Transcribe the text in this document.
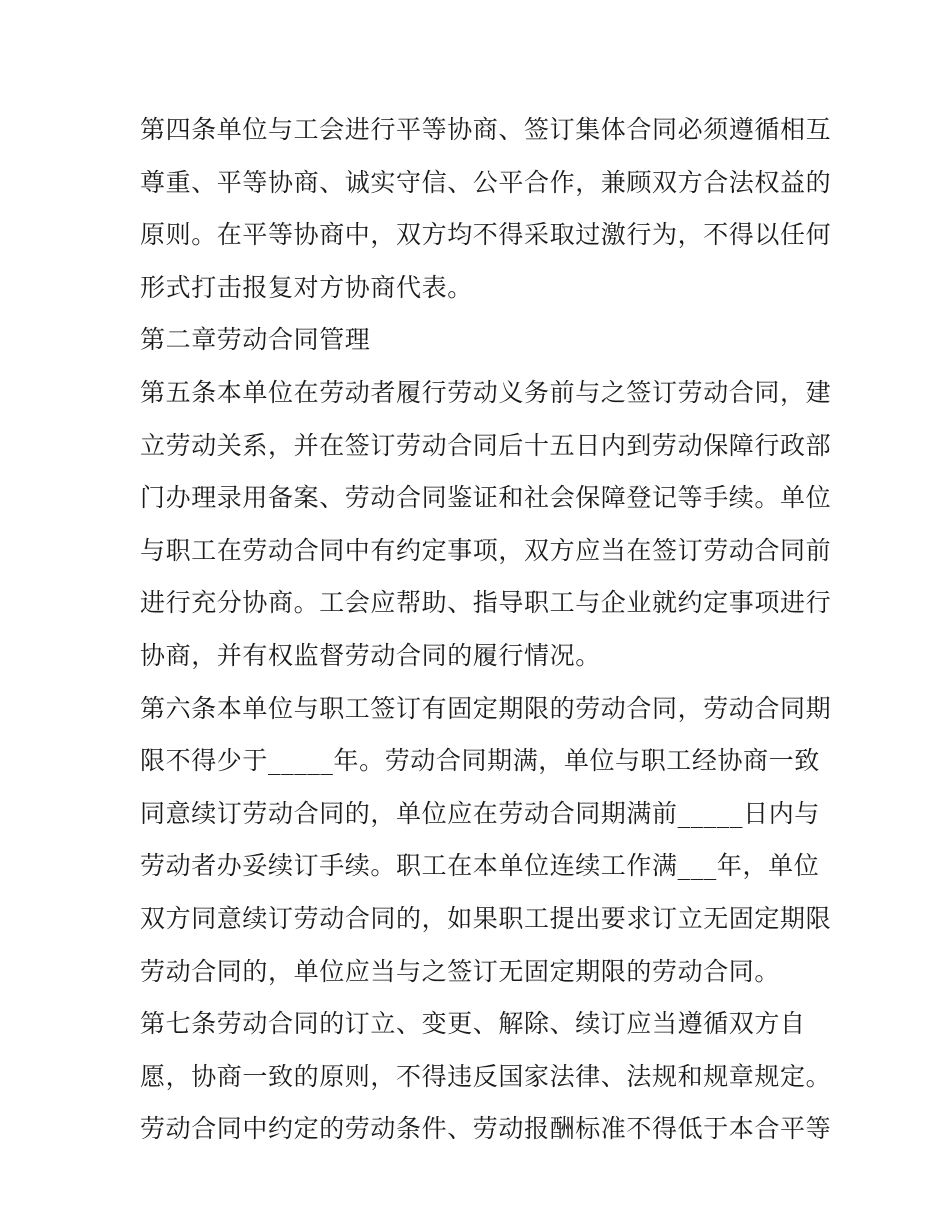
第四条单位与工会进行平等协商、签订集体合同必须遵循相互
尊重、平等协商、诚实守信、公平合作，兼顾双方合法权益的
原则。在平等协商中，双方均不得采取过激行为，不得以任何
形式打击报复对方协商代表。
第二章劳动合同管理
第五条本单位在劳动者履行劳动义务前与之签订劳动合同，建
立劳动关系，并在签订劳动合同后十五日内到劳动保障行政部
门办理录用备案、劳动合同鉴证和社会保障登记等手续。单位
与职工在劳动合同中有约定事项，双方应当在签订劳动合同前
进行充分协商。工会应帮助、指导职工与企业就约定事项进行
协商，并有权监督劳动合同的履行情况。
第六条本单位与职工签订有固定期限的劳动合同，劳动合同期
限不得少于_____年。劳动合同期满，单位与职工经协商一致
同意续订劳动合同的，单位应在劳动合同期满前_____日内与
劳动者办妥续订手续。职工在本单位连续工作满___年，单位
双方同意续订劳动合同的，如果职工提出要求订立无固定期限
劳动合同的，单位应当与之签订无固定期限的劳动合同。
第七条劳动合同的订立、变更、解除、续订应当遵循双方自
愿，协商一致的原则，不得违反国家法律、法规和规章规定。
劳动合同中约定的劳动条件、劳动报酬标准不得低于本合平等
